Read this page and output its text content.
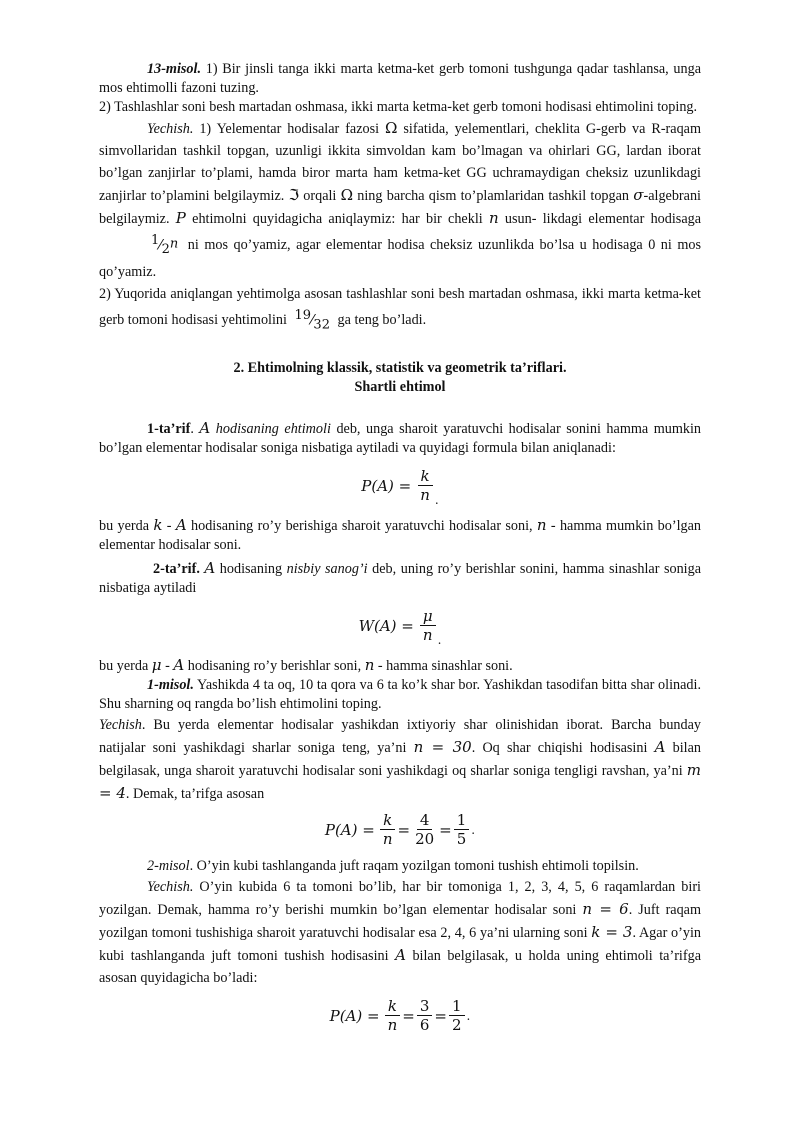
13-misol. 1) Bir jinsli tanga ikki marta ketma-ket gerb tomoni tushgunga qadar tashlansa, unga mos ehtimolli fazoni tuzing.

2) Tashlashlar soni besh martadan oshmasa, ikki marta ketma-ket gerb tomoni hodisasi ehtimolini toping.

Yechish. 1) Yelementar hodisalar fazosi Ω sifatida, yelementlari, cheklita G-gerb va R-raqam simvollaridan tashkil topgan, uzunligi ikkita simvoldan kam bo’lmagan va ohirlari GG, lardan iborat bo’lgan zanjirlar to’plami, hamda biror marta ham ketma-ket GG uchramaydigan cheksiz uzunlikdagi zanjirlar to’plamini belgilaymiz. ℑ orqali Ω ning barcha qism to’plamlaridan tashkil topgan σ-algebrani belgilaymiz. P ehtimolni quyidagicha aniqlaymiz: har bir chekli n usun- likdagi elementar hodisaga $^1⁄_{2^n}$ ni mos qo’yamiz, agar elementar hodisa cheksiz uzunlikda bo’lsa u hodisaga 0 ni mos qo’yamiz.

2) Yuqorida aniqlangan yehtimolga asosan tashlashlar soni besh martadan oshmasa, ikki marta ketma-ket gerb tomoni hodisasi yehtimolini $^{19}⁄_{32}$ ga teng bo’ladi.

2. Ehtimolning klassik, statistik va geometrik ta’riflari.

Shartli ehtimol

1-ta’rif. A hodisaning ehtimoli deb, unga sharoit yaratuvchi hodisalar sonini hamma mumkin bo’lgan elementar hodisalar soniga nisbatiga aytiladi va quyidagi formula bilan aniqlanadi:

$P(A) = \frac{k}{n}$ .

bu yerda k - A hodisaning ro’y berishiga sharoit yaratuvchi hodisalar soni, n - hamma mumkin bo’lgan elementar hodisalar soni.

2-ta’rif. A hodisaning nisbiy sanog’i deb, uning ro’y berishlar sonini, hamma sinashlar soniga nisbatiga aytiladi

$W(A) = \frac{\mu}{n}$ .

bu yerda μ - A hodisaning ro’y berishlar soni, n - hamma sinashlar soni.

1-misol. Yashikda 4 ta oq, 10 ta qora va 6 ta ko’k shar bor. Yashikdan tasodifan bitta shar olinadi. Shu sharning oq rangda bo’lish ehtimolini toping.

Yechish. Bu yerda elementar hodisalar yashikdan ixtiyoriy shar olinishidan iborat. Barcha bunday natijalar soni yashikdagi sharlar soniga teng, ya’ni n = 30. Oq shar chiqishi hodisasini A bilan belgilasak, unga sharoit yaratuvchi hodisalar soni yashikdagi oq sharlar soniga tengligi ravshan, ya’ni m = 4. Demak, ta’rifga asosan

$P(A) = \frac{k}{n} = \frac{4}{20} = \frac{1}{5}$ .

2-misol. O’yin kubi tashlanganda juft raqam yozilgan tomoni tushish ehtimoli topilsin.

Yechish. O’yin kubida 6 ta tomoni bo’lib, har bir tomoniga 1, 2, 3, 4, 5, 6 raqamlardan biri yozilgan. Demak, hamma ro’y berishi mumkin bo’lgan elementar hodisalar soni n = 6. Juft raqam yozilgan tomoni tushishiga sharoit yaratuvchi hodisalar esa 2, 4, 6 ya’ni ularning soni k = 3. Agar o’yin kubi tashlanganda juft tomoni tushish hodisasini A bilan belgilasak, u holda uning ehtimoli ta’rifga asosan quyidagicha bo’ladi:

$P(A) = \frac{k}{n} = \frac{3}{6} = \frac{1}{2}$ .
